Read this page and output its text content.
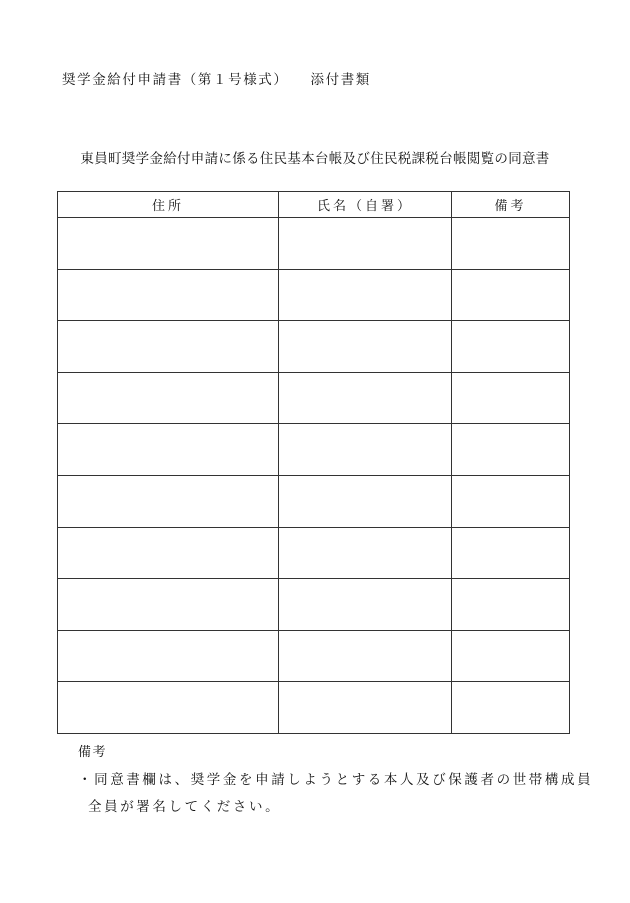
奨学金給付申請書（第１号様式） 添付書類
東員町奨学金給付申請に係る住民基本台帳及び住民税課税台帳閲覧の同意書
住所	氏名（自署）	備考

備考
・同意書欄は、奨学金を申請しようとする本人及び保護者の世帯構成員
全員が署名してください。
